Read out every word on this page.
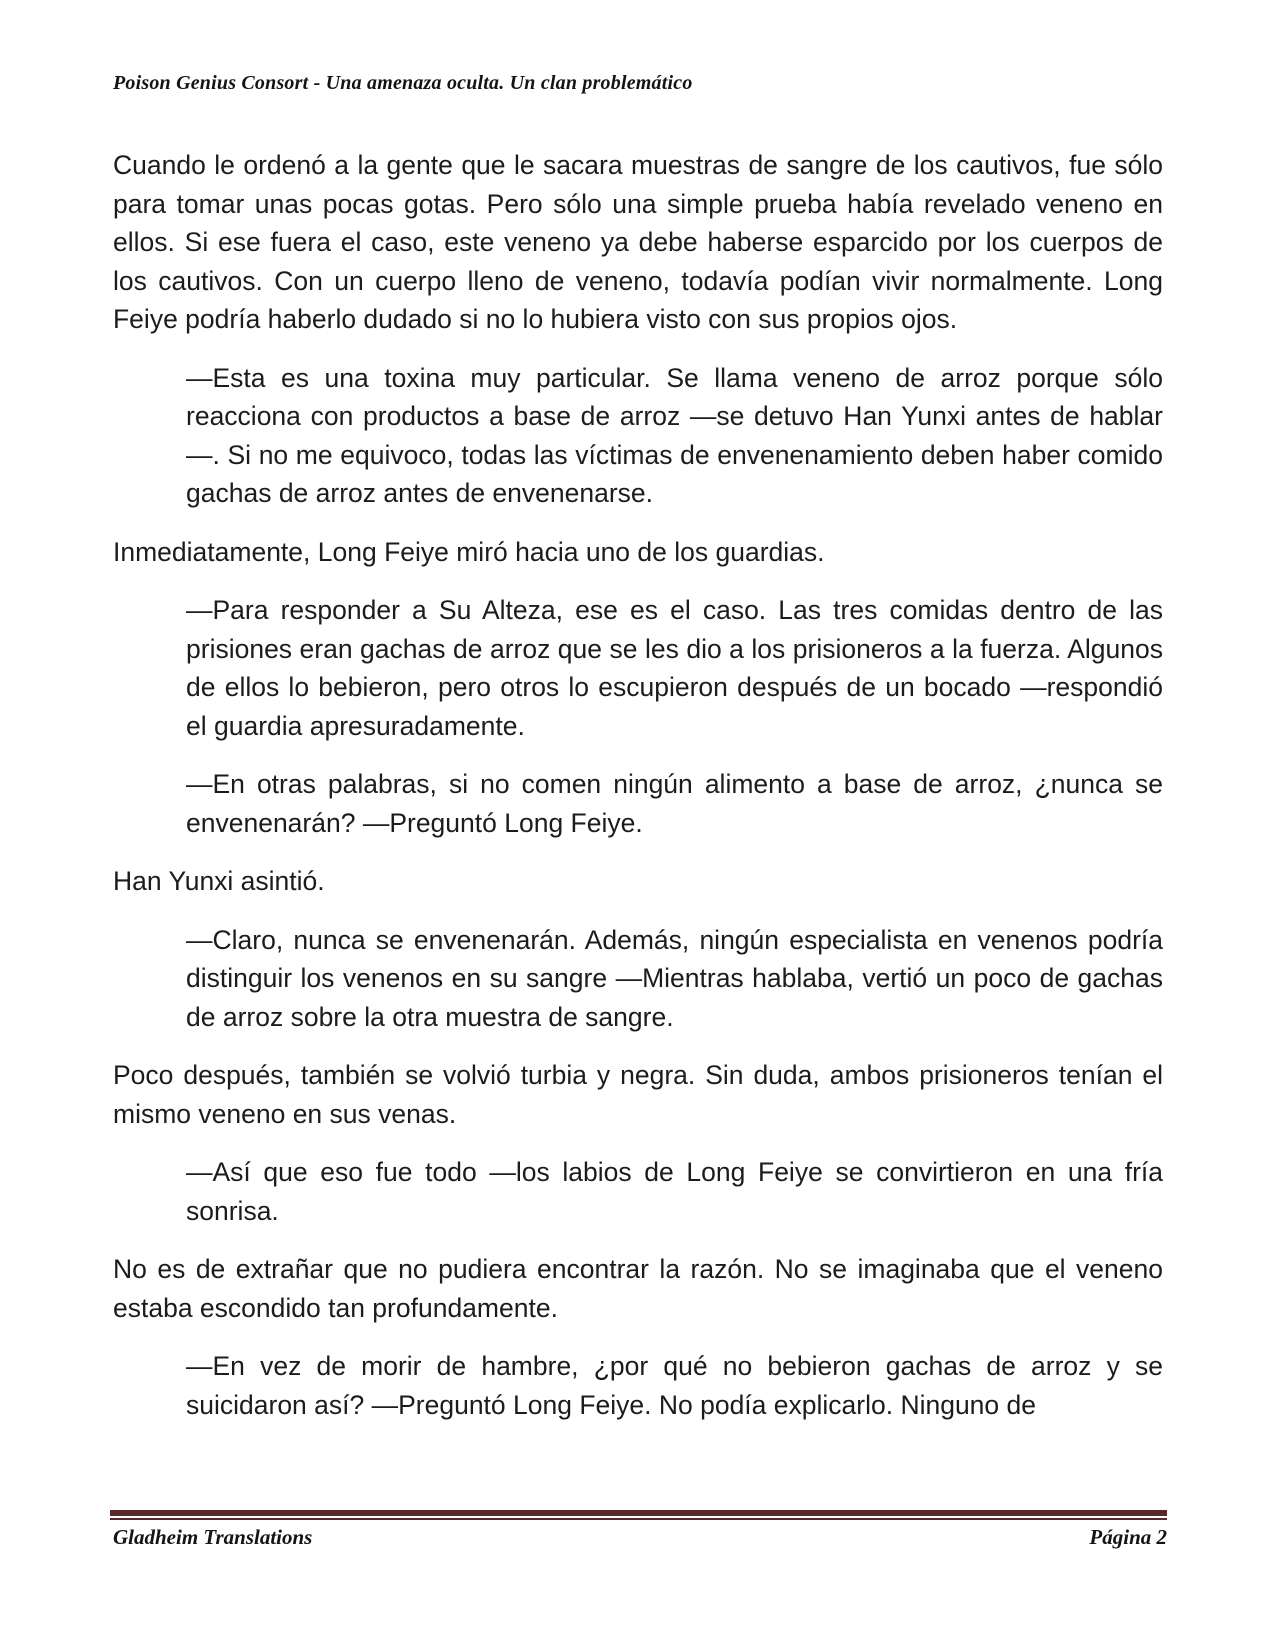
Poison Genius Consort - Una amenaza oculta. Un clan problemático

Cuando le ordenó a la gente que le sacara muestras de sangre de los cautivos, fue sólo para tomar unas pocas gotas. Pero sólo una simple prueba había revelado veneno en ellos. Si ese fuera el caso, este veneno ya debe haberse esparcido por los cuerpos de los cautivos. Con un cuerpo lleno de veneno, todavía podían vivir normalmente. Long Feiye podría haberlo dudado si no lo hubiera visto con sus propios ojos.

—Esta es una toxina muy particular. Se llama veneno de arroz porque sólo reacciona con productos a base de arroz —se detuvo Han Yunxi antes de hablar—. Si no me equivoco, todas las víctimas de envenenamiento deben haber comido gachas de arroz antes de envenenarse.

Inmediatamente, Long Feiye miró hacia uno de los guardias.

—Para responder a Su Alteza, ese es el caso. Las tres comidas dentro de las prisiones eran gachas de arroz que se les dio a los prisioneros a la fuerza. Algunos de ellos lo bebieron, pero otros lo escupieron después de un bocado —respondió el guardia apresuradamente.

—En otras palabras, si no comen ningún alimento a base de arroz, ¿nunca se envenenarán? —Preguntó Long Feiye.

Han Yunxi asintió.

—Claro, nunca se envenenarán. Además, ningún especialista en venenos podría distinguir los venenos en su sangre —Mientras hablaba, vertió un poco de gachas de arroz sobre la otra muestra de sangre.

Poco después, también se volvió turbia y negra. Sin duda, ambos prisioneros tenían el mismo veneno en sus venas.

—Así que eso fue todo —los labios de Long Feiye se convirtieron en una fría sonrisa.

No es de extrañar que no pudiera encontrar la razón. No se imaginaba que el veneno estaba escondido tan profundamente.

—En vez de morir de hambre, ¿por qué no bebieron gachas de arroz y se suicidaron así? —Preguntó Long Feiye. No podía explicarlo. Ninguno de

Gladheim Translations	Página 2
